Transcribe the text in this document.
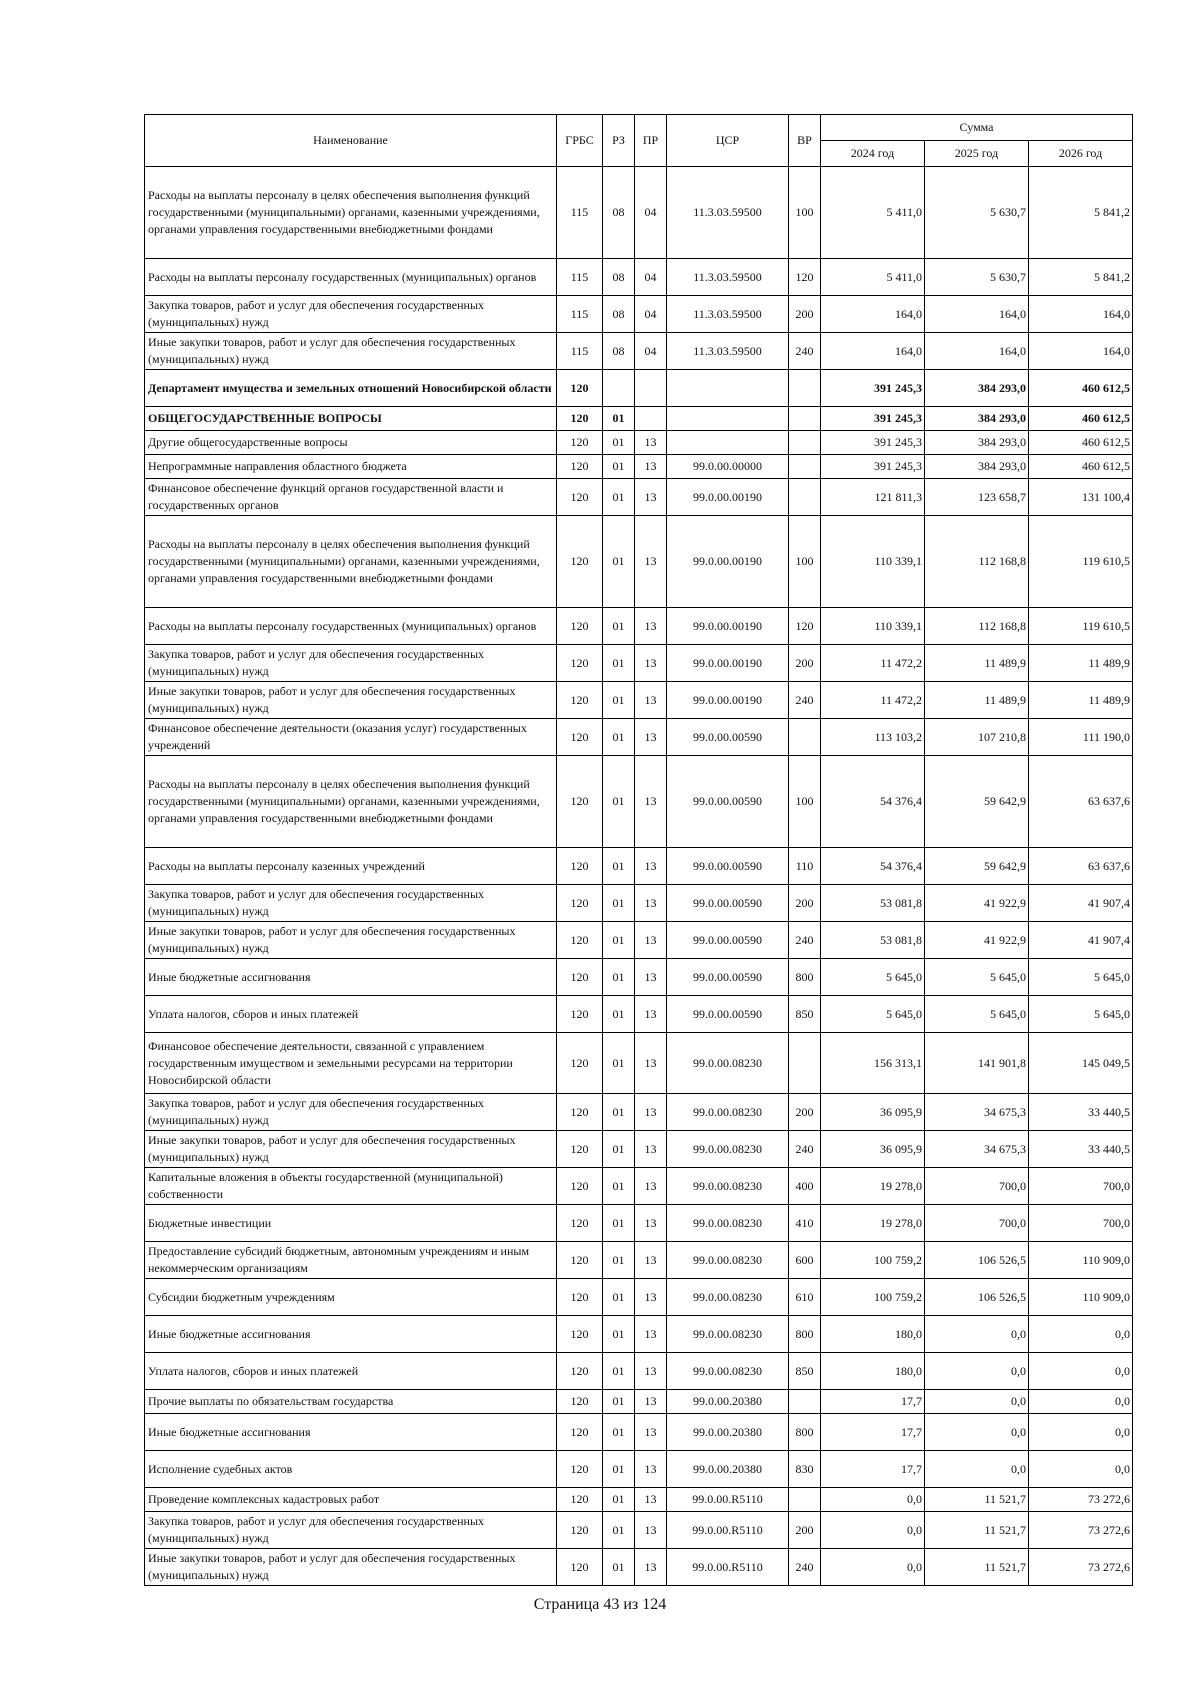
Наименование	ГРБС	РЗ	ПР	ЦСР	ВР	Сумма		
						2024 год	2025 год	2026 год
Расходы на выплаты персоналу в целях обеспечения выполнения функций государственными (муниципальными) органами, казенными учреждениями, органами управления государственными внебюджетными фондами	115	08	04	11.3.03.59500	100	5 411,0	5 630,7	5 841,2
Расходы на выплаты персоналу государственных (муниципальных) органов	115	08	04	11.3.03.59500	120	5 411,0	5 630,7	5 841,2
Закупка товаров, работ и услуг для обеспечения государственных (муниципальных) нужд	115	08	04	11.3.03.59500	200	164,0	164,0	164,0
Иные закупки товаров, работ и услуг для обеспечения государственных (муниципальных) нужд	115	08	04	11.3.03.59500	240	164,0	164,0	164,0
Департамент имущества и земельных отношений Новосибирской области	120					391 245,3	384 293,0	460 612,5
ОБЩЕГОСУДАРСТВЕННЫЕ ВОПРОСЫ	120	01				391 245,3	384 293,0	460 612,5
Другие общегосударственные вопросы	120	01	13			391 245,3	384 293,0	460 612,5
Непрограммные направления областного бюджета	120	01	13	99.0.00.00000		391 245,3	384 293,0	460 612,5
Финансовое обеспечение функций органов государственной власти и государственных органов	120	01	13	99.0.00.00190		121 811,3	123 658,7	131 100,4
Расходы на выплаты персоналу в целях обеспечения выполнения функций государственными (муниципальными) органами, казенными учреждениями, органами управления государственными внебюджетными фондами	120	01	13	99.0.00.00190	100	110 339,1	112 168,8	119 610,5
Расходы на выплаты персоналу государственных (муниципальных) органов	120	01	13	99.0.00.00190	120	110 339,1	112 168,8	119 610,5
Закупка товаров, работ и услуг для обеспечения государственных (муниципальных) нужд	120	01	13	99.0.00.00190	200	11 472,2	11 489,9	11 489,9
Иные закупки товаров, работ и услуг для обеспечения государственных (муниципальных) нужд	120	01	13	99.0.00.00190	240	11 472,2	11 489,9	11 489,9
Финансовое обеспечение деятельности (оказания услуг) государственных учреждений	120	01	13	99.0.00.00590		113 103,2	107 210,8	111 190,0
Расходы на выплаты персоналу в целях обеспечения выполнения функций государственными (муниципальными) органами, казенными учреждениями, органами управления государственными внебюджетными фондами	120	01	13	99.0.00.00590	100	54 376,4	59 642,9	63 637,6
Расходы на выплаты персоналу казенных учреждений	120	01	13	99.0.00.00590	110	54 376,4	59 642,9	63 637,6
Закупка товаров, работ и услуг для обеспечения государственных (муниципальных) нужд	120	01	13	99.0.00.00590	200	53 081,8	41 922,9	41 907,4
Иные закупки товаров, работ и услуг для обеспечения государственных (муниципальных) нужд	120	01	13	99.0.00.00590	240	53 081,8	41 922,9	41 907,4
Иные бюджетные ассигнования	120	01	13	99.0.00.00590	800	5 645,0	5 645,0	5 645,0
Уплата налогов, сборов и иных платежей	120	01	13	99.0.00.00590	850	5 645,0	5 645,0	5 645,0
Финансовое обеспечение деятельности, связанной с управлением государственным имуществом и земельными ресурсами на территории Новосибирской области	120	01	13	99.0.00.08230		156 313,1	141 901,8	145 049,5
Закупка товаров, работ и услуг для обеспечения государственных (муниципальных) нужд	120	01	13	99.0.00.08230	200	36 095,9	34 675,3	33 440,5
Иные закупки товаров, работ и услуг для обеспечения государственных (муниципальных) нужд	120	01	13	99.0.00.08230	240	36 095,9	34 675,3	33 440,5
Капитальные вложения в объекты государственной (муниципальной) собственности	120	01	13	99.0.00.08230	400	19 278,0	700,0	700,0
Бюджетные инвестиции	120	01	13	99.0.00.08230	410	19 278,0	700,0	700,0
Предоставление субсидий бюджетным, автономным учреждениям и иным некоммерческим организациям	120	01	13	99.0.00.08230	600	100 759,2	106 526,5	110 909,0
Субсидии бюджетным учреждениям	120	01	13	99.0.00.08230	610	100 759,2	106 526,5	110 909,0
Иные бюджетные ассигнования	120	01	13	99.0.00.08230	800	180,0	0,0	0,0
Уплата налогов, сборов и иных платежей	120	01	13	99.0.00.08230	850	180,0	0,0	0,0
Прочие выплаты по обязательствам государства	120	01	13	99.0.00.20380		17,7	0,0	0,0
Иные бюджетные ассигнования	120	01	13	99.0.00.20380	800	17,7	0,0	0,0
Исполнение судебных актов	120	01	13	99.0.00.20380	830	17,7	0,0	0,0
Проведение комплексных кадастровых работ	120	01	13	99.0.00.R5110		0,0	11 521,7	73 272,6
Закупка товаров, работ и услуг для обеспечения государственных (муниципальных) нужд	120	01	13	99.0.00.R5110	200	0,0	11 521,7	73 272,6
Иные закупки товаров, работ и услуг для обеспечения государственных (муниципальных) нужд	120	01	13	99.0.00.R5110	240	0,0	11 521,7	73 272,6
Страница 43 из 124
